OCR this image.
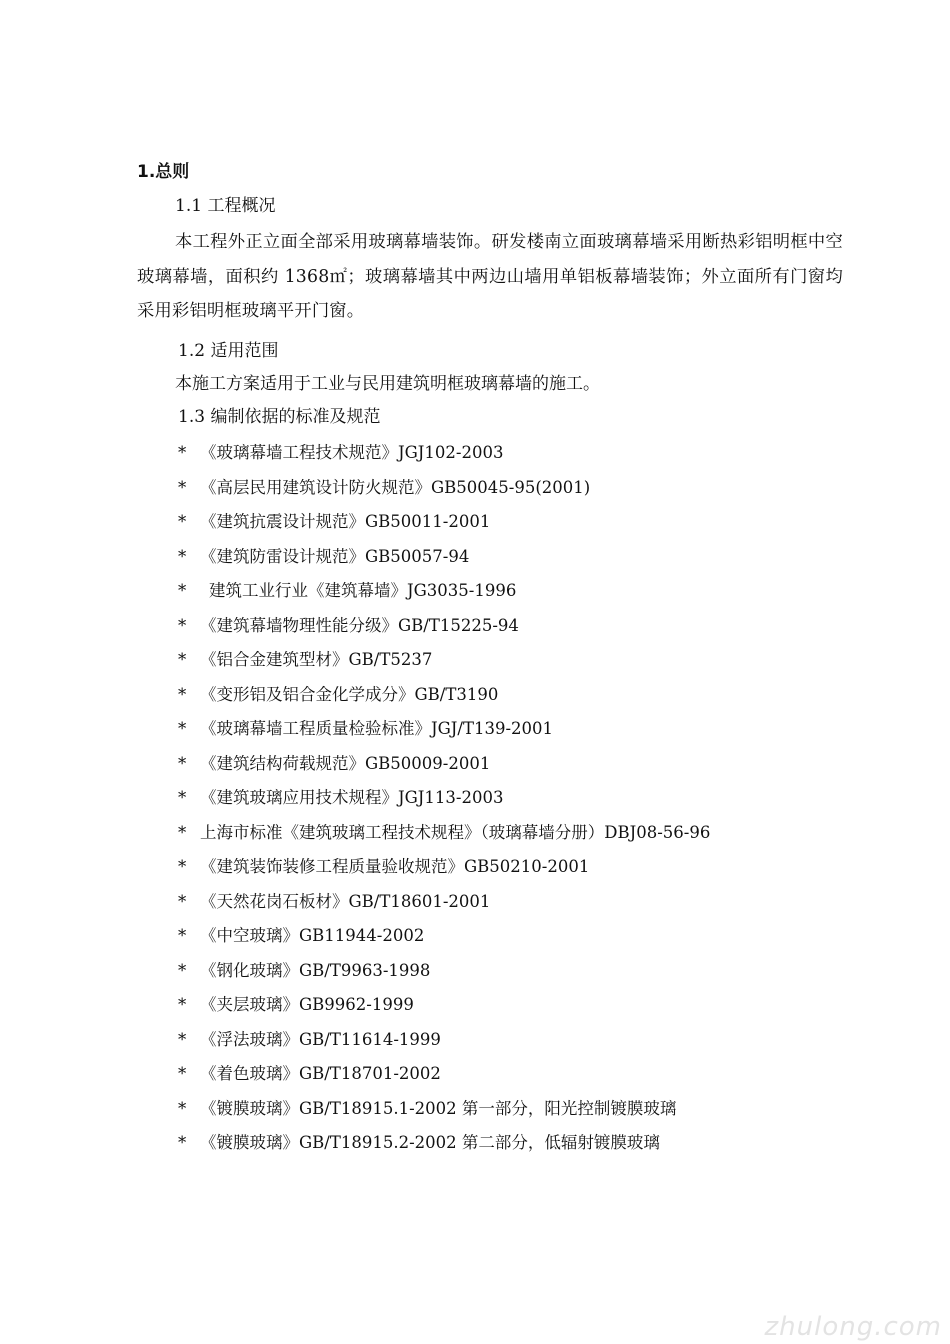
1.总则
1.1 工程概况
本工程外正立面全部采用玻璃幕墙装饰。研发楼南立面玻璃幕墙采用断热彩铝明框中空玻璃幕墙，面积约 1368㎡；玻璃幕墙其中两边山墙用单铝板幕墙装饰；外立面所有门窗均采用彩铝明框玻璃平开门窗。
1.2 适用范围
本施工方案适用于工业与民用建筑明框玻璃幕墙的施工。
1.3 编制依据的标准及规范
* 《玻璃幕墙工程技术规范》JGJ102-2003
* 《高层民用建筑设计防火规范》GB50045-95(2001)
* 《建筑抗震设计规范》GB50011-2001
* 《建筑防雷设计规范》GB50057-94
* 建筑工业行业《建筑幕墙》JG3035-1996
* 《建筑幕墙物理性能分级》GB/T15225-94
* 《铝合金建筑型材》GB/T5237
* 《变形铝及铝合金化学成分》GB/T3190
* 《玻璃幕墙工程质量检验标准》JGJ/T139-2001
* 《建筑结构荷载规范》GB50009-2001
* 《建筑玻璃应用技术规程》JGJ113-2003
* 上海市标准《建筑玻璃工程技术规程》（玻璃幕墙分册）DBJ08-56-96
* 《建筑装饰装修工程质量验收规范》GB50210-2001
* 《天然花岗石板材》GB/T18601-2001
* 《中空玻璃》GB11944-2002
* 《钢化玻璃》GB/T9963-1998
* 《夹层玻璃》GB9962-1999
* 《浮法玻璃》GB/T11614-1999
* 《着色玻璃》GB/T18701-2002
* 《镀膜玻璃》GB/T18915.1-2002 第一部分，阳光控制镀膜玻璃
* 《镀膜玻璃》GB/T18915.2-2002 第二部分，低辐射镀膜玻璃
zhulong.com
